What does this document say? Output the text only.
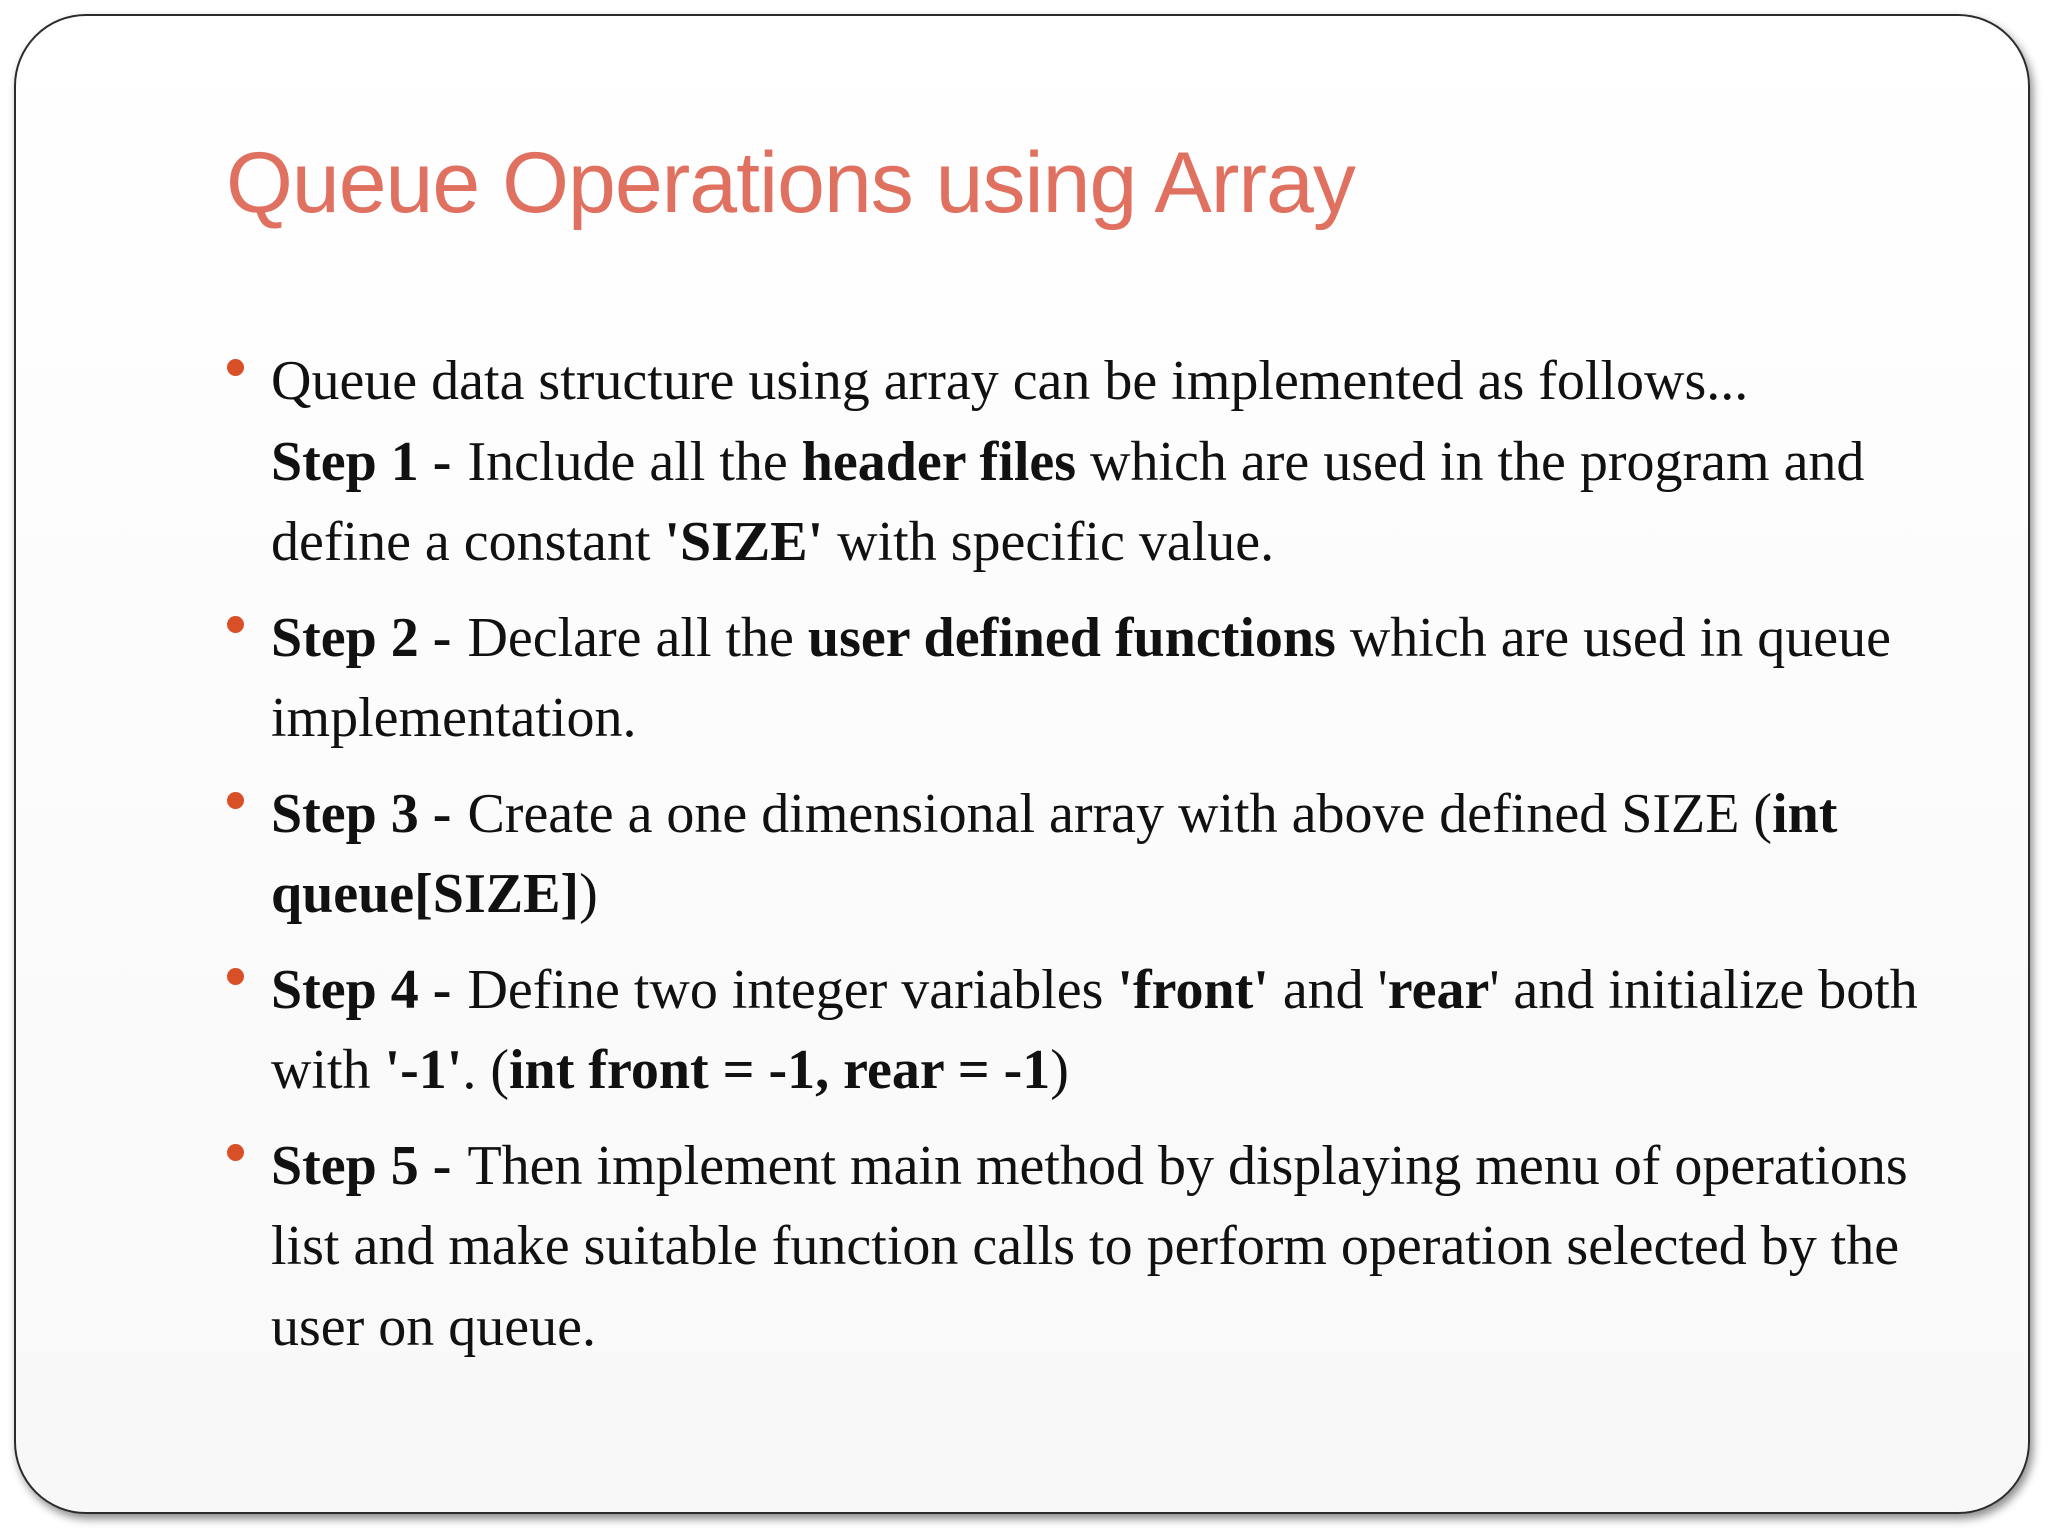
Queue Operations using Array
Queue data structure using array can be implemented as follows...
Step 1 - Include all the header files which are used in the program and define a constant 'SIZE' with specific value.
Step 2 - Declare all the user defined functions which are used in queue implementation.
Step 3 - Create a one dimensional array with above defined SIZE (int queue[SIZE])
Step 4 - Define two integer variables 'front' and 'rear' and initialize both with '-1'. (int front = -1, rear = -1)
Step 5 - Then implement main method by displaying menu of operations list and make suitable function calls to perform operation selected by the user on queue.
